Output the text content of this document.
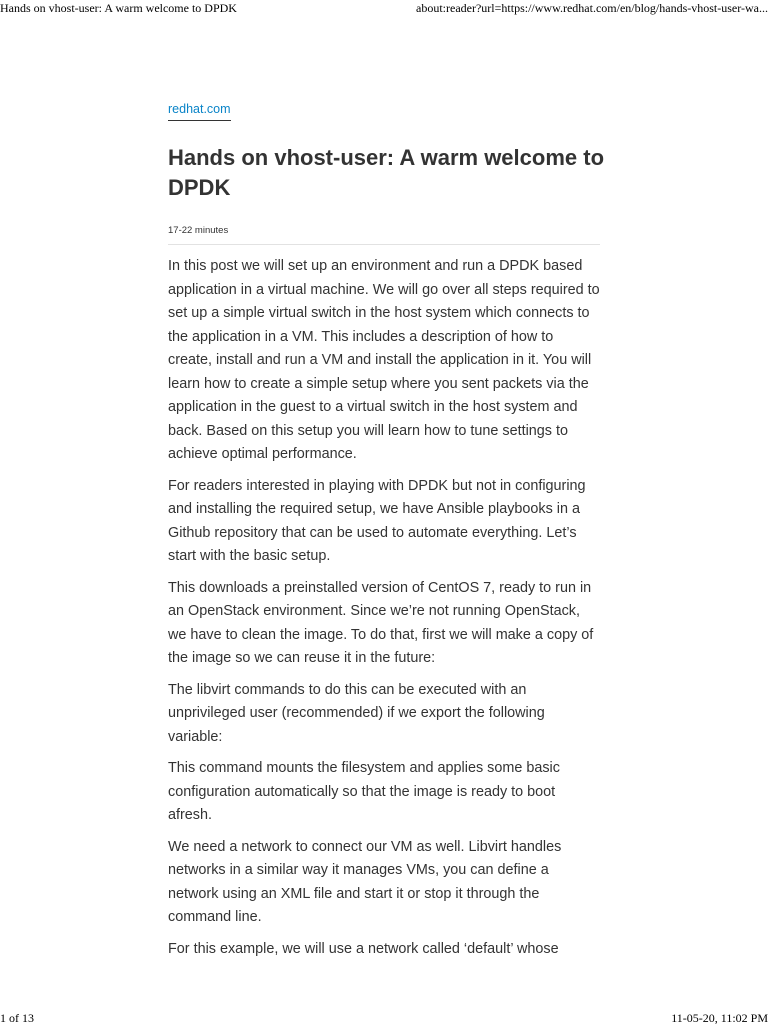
Hands on vhost-user: A warm welcome to DPDK	about:reader?url=https://www.redhat.com/en/blog/hands-vhost-user-wa...
redhat.com
Hands on vhost-user: A warm welcome to DPDK
17-22 minutes

In this post we will set up an environment and run a DPDK based application in a virtual machine. We will go over all steps required to set up a simple virtual switch in the host system which connects to the application in a VM. This includes a description of how to create, install and run a VM and install the application in it. You will learn how to create a simple setup where you sent packets via the application in the guest to a virtual switch in the host system and back. Based on this setup you will learn how to tune settings to achieve optimal performance.

For readers interested in playing with DPDK but not in configuring and installing the required setup, we have Ansible playbooks in a Github repository that can be used to automate everything. Let’s start with the basic setup.

This downloads a preinstalled version of CentOS 7, ready to run in an OpenStack environment. Since we’re not running OpenStack, we have to clean the image. To do that, first we will make a copy of the image so we can reuse it in the future:

The libvirt commands to do this can be executed with an unprivileged user (recommended) if we export the following variable:

This command mounts the filesystem and applies some basic configuration automatically so that the image is ready to boot afresh.

We need a network to connect our VM as well. Libvirt handles networks in a similar way it manages VMs, you can define a network using an XML file and start it or stop it through the command line.

For this example, we will use a network called ‘default’ whose

1 of 13	11-05-20, 11:02 PM
